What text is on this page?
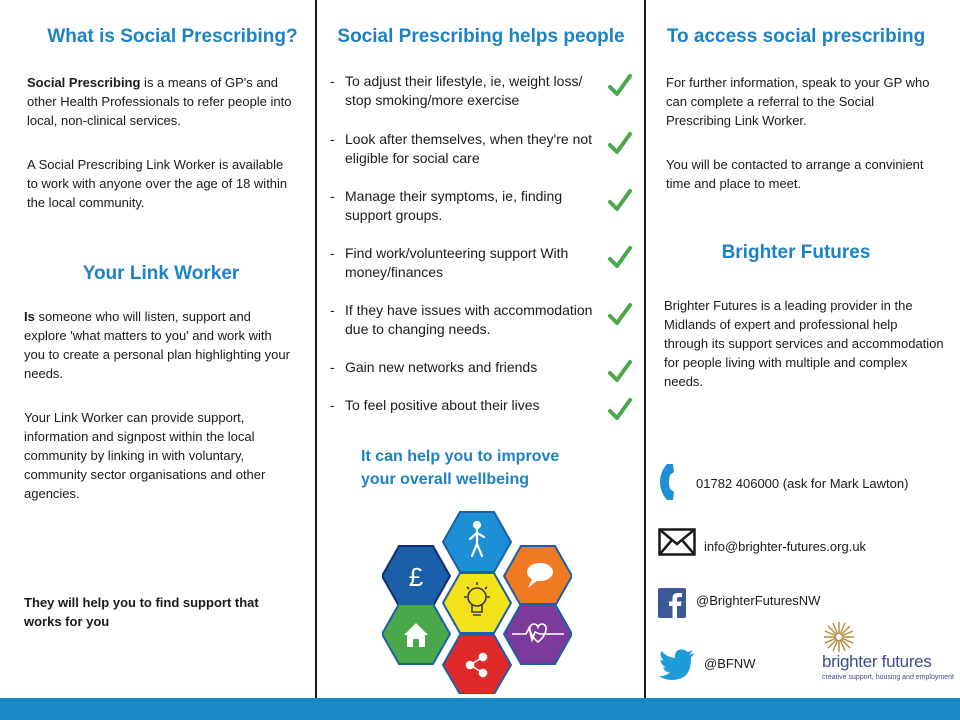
What is Social Prescribing?

Social Prescribing is a means of GP's and other Health Professionals to refer people into local, non-clinical services.

A Social Prescribing Link Worker is available to work with anyone over the age of 18 within the local community.

Your Link Worker

Is someone who will listen, support and explore 'what matters to you' and work with you to create a personal plan highlighting your needs.

Your Link Worker can provide support, information and signpost within the local community by linking in with voluntary, community sector organisations and other agencies.

They will help you to find support that works for you

Social Prescribing helps people
- To adjust their lifestyle, ie, weight loss/ stop smoking/more exercise
- Look after themselves, when they're not eligible for social care
- Manage their symptoms, ie, finding support groups.
- Find work/volunteering support With money/finances
- If they have issues with accommodation due to changing needs.
- Gain new networks and friends
- To feel positive about their lives
It can help you to improve your overall wellbeing
£
To access social prescribing

For further information, speak to your GP who can complete a referral to the Social Prescribing Link Worker.

You will be contacted to arrange a convinient time and place to meet.

Brighter Futures

Brighter Futures is a leading provider in the Midlands of expert and professional help through its support services and accommodation for people living with multiple and complex needs.

01782 406000 (ask for Mark Lawton)
info@brighter-futures.org.uk
@BrighterFuturesNW
@BFNW	brighter futures
creative support, housing and employment
